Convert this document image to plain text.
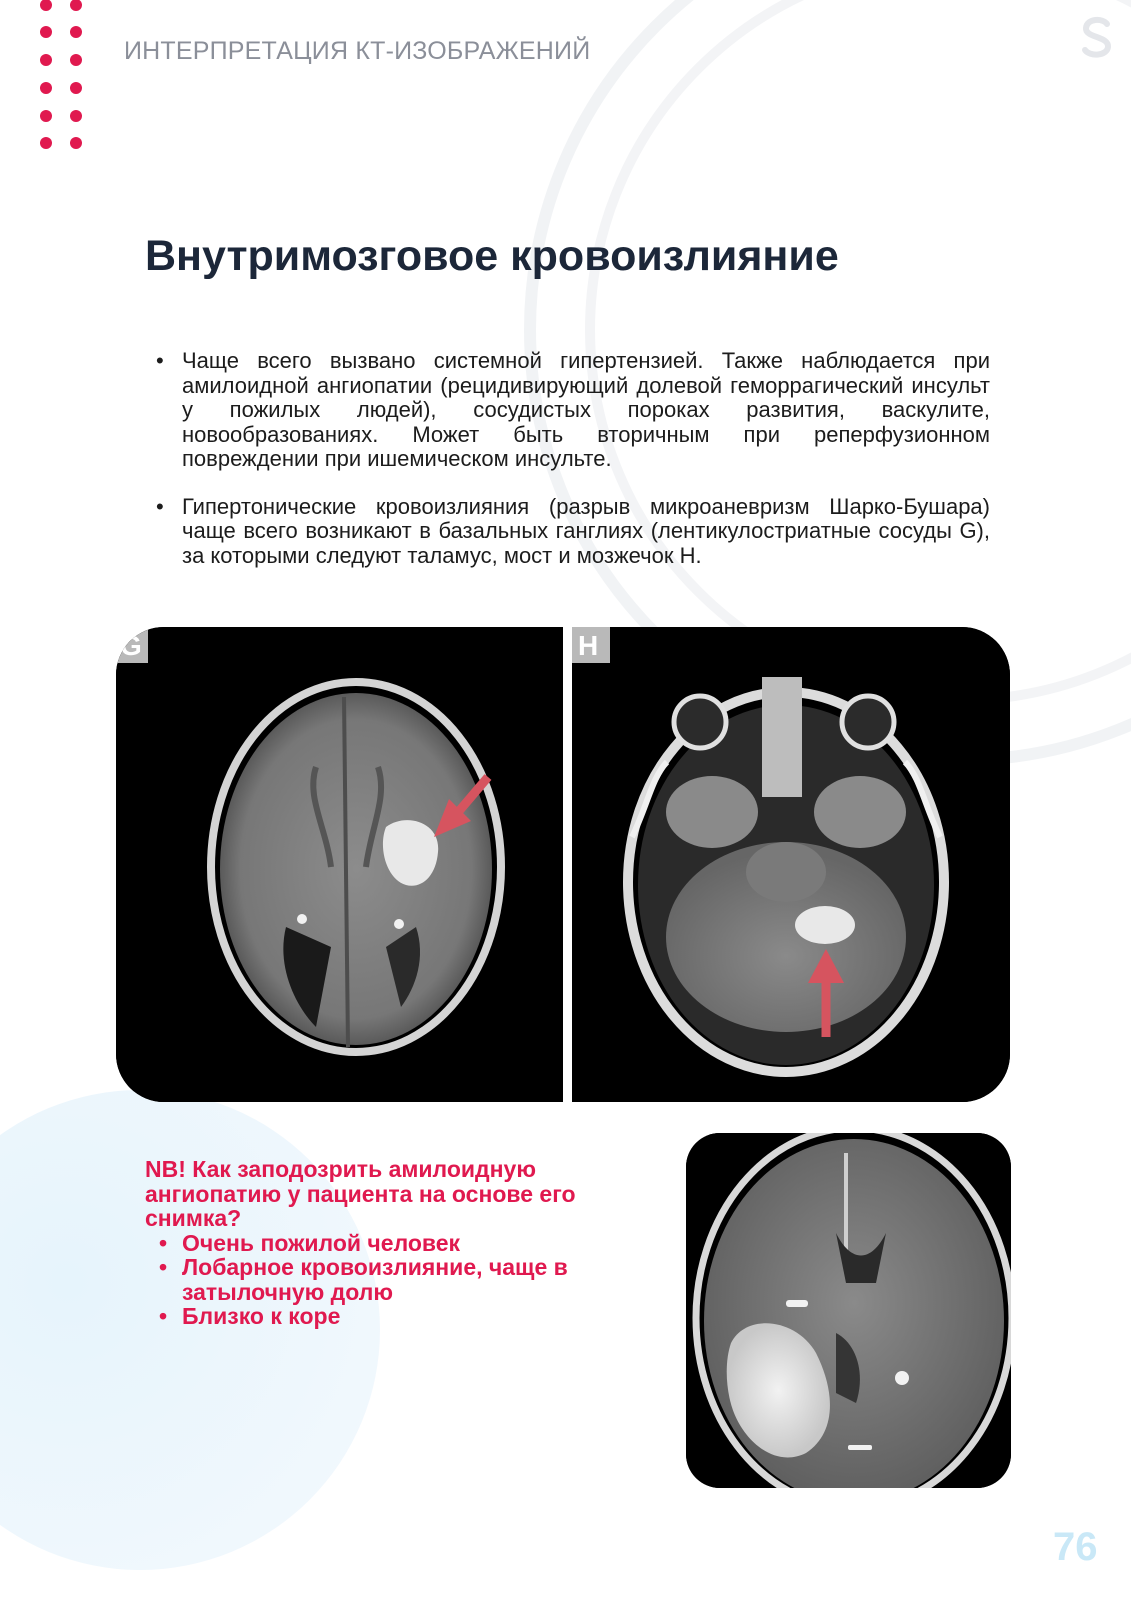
ИНТЕРПРЕТАЦИЯ КТ-ИЗОБРАЖЕНИЙ
Внутримозговое кровоизлияние
• Чаще всего вызвано системной гипертензией. Также наблюдается при амилоидной ангиопатии (рецидивирующий долевой геморрагический инсульт у пожилых людей), сосудистых пороках развития, васкулите, новообразованиях. Может быть вторичным при реперфузионном повреждении при ишемическом инсульте.
• Гипертонические кровоизлияния (разрыв микроаневризм Шарко-Бушара) чаще всего возникают в базальных ганглиях (лентикулостриатные сосуды G), за которыми следуют таламус, мост и мозжечок H.
G	H

NB! Как заподозрить амилоидную ангиопатию у пациента на основе его снимка?

• Очень пожилой человек
• Лобарное кровоизлияние, чаще в затылочную долю
• Близко к коре
76
